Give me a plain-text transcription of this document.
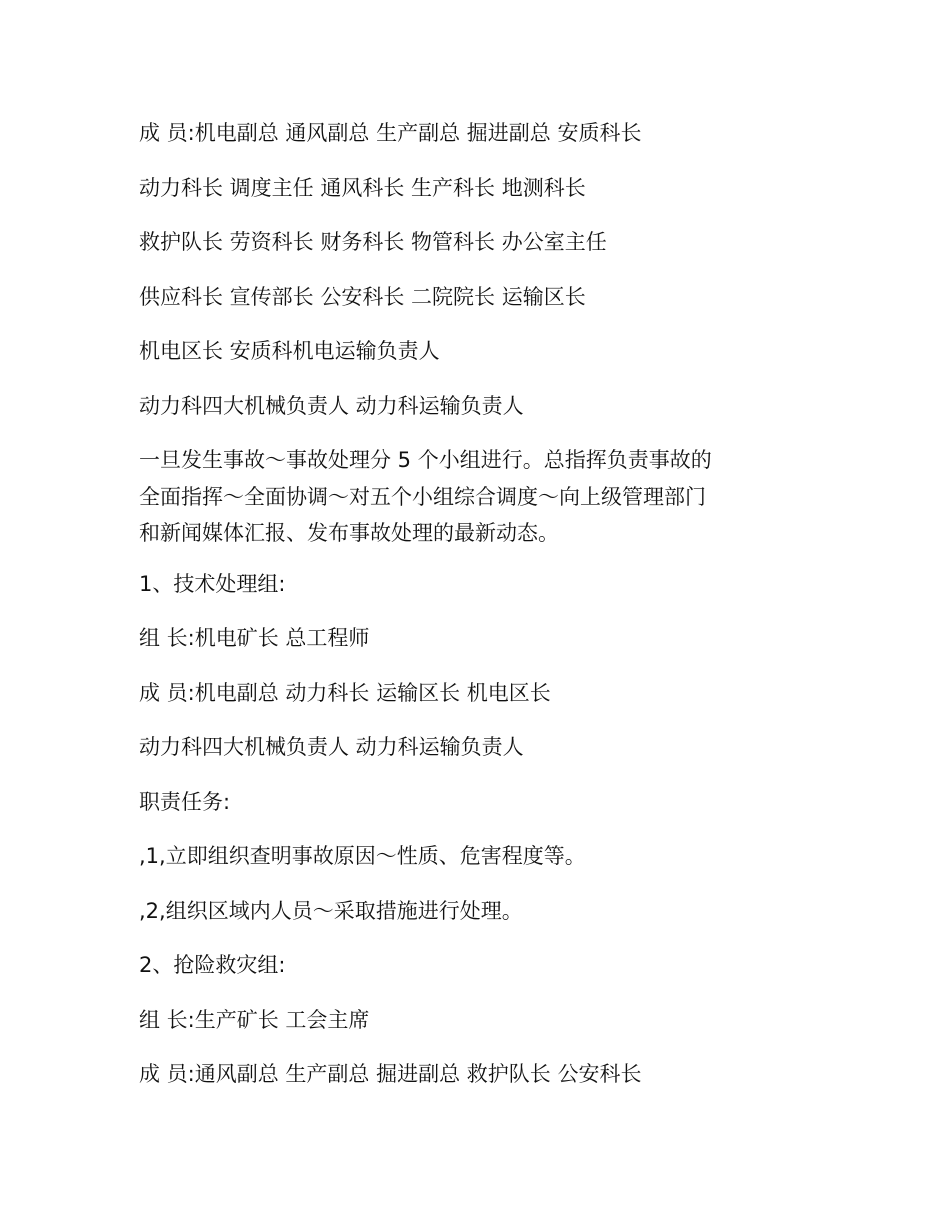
成 员:机电副总 通风副总 生产副总 掘进副总 安质科长
动力科长 调度主任 通风科长 生产科长 地测科长
救护队长 劳资科长 财务科长 物管科长 办公室主任
供应科长 宣传部长 公安科长 二院院长 运输区长
机电区长 安质科机电运输负责人
动力科四大机械负责人 动力科运输负责人
一旦发生事故～事故处理分 5 个小组进行。总指挥负责事故的
全面指挥～全面协调～对五个小组综合调度～向上级管理部门
和新闻媒体汇报、发布事故处理的最新动态。
1、技术处理组:
组 长:机电矿长 总工程师
成 员:机电副总 动力科长 运输区长 机电区长
动力科四大机械负责人 动力科运输负责人
职责任务:
,1,立即组织查明事故原因～性质、危害程度等。
,2,组织区域内人员～采取措施进行处理。
2、抢险救灾组:
组 长:生产矿长 工会主席
成 员:通风副总 生产副总 掘进副总 救护队长 公安科长
